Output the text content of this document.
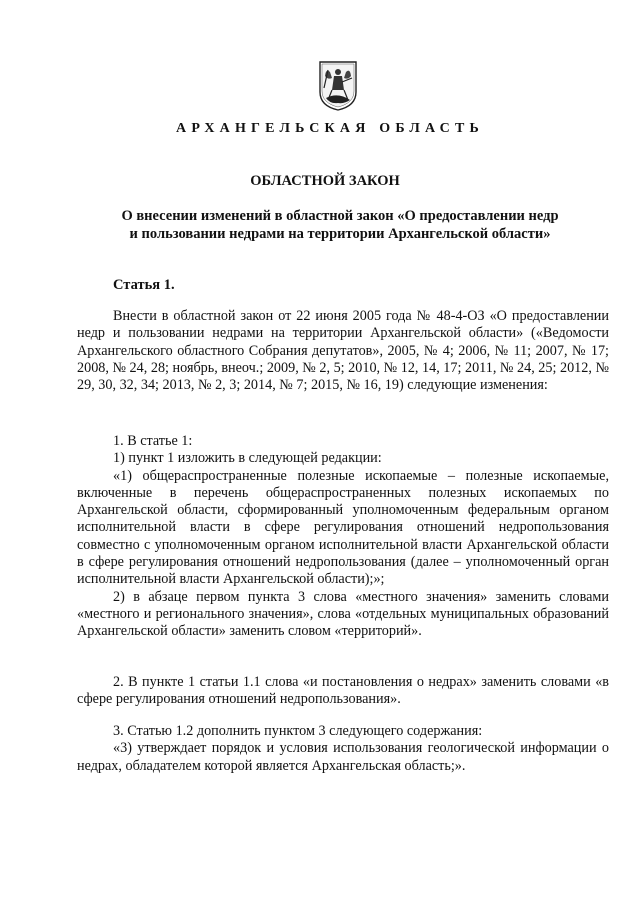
АРХАНГЕЛЬСКАЯ ОБЛАСТЬ
ОБЛАСТНОЙ ЗАКОН
О внесении изменений в областной закон «О предоставлении недр
и пользовании недрами на территории Архангельской области»
Статья 1.

Внести в областной закон от 22 июня 2005 года № 48-4-ОЗ «О предоставлении недр и пользовании недрами на территории Архангельской области» («Ведомости Архангельского областного Собрания депутатов», 2005, № 4; 2006, № 11; 2007, № 17; 2008, № 24, 28; ноябрь, внеоч.; 2009, № 2, 5; 2010, № 12, 14, 17; 2011, № 24, 25; 2012, № 29, 30, 32, 34; 2013, № 2, 3; 2014, № 7; 2015, № 16, 19) следующие изменения:

1. В статье 1:

1) пункт 1 изложить в следующей редакции:

«1) общераспространенные полезные ископаемые – полезные ископаемые, включенные в перечень общераспространенных полезных ископаемых по Архангельской области, сформированный уполномоченным федеральным органом исполнительной власти в сфере регулирования отношений недропользования совместно с уполномоченным органом исполнительной власти Архангельской области в сфере регулирования отношений недропользования (далее – уполномоченный орган исполнительной власти Архангельской области);»;

2) в абзаце первом пункта 3 слова «местного значения» заменить словами «местного и регионального значения», слова «отдельных муниципальных образований Архангельской области» заменить словом «территорий».

2. В пункте 1 статьи 1.1 слова «и постановления о недрах» заменить словами «в сфере регулирования отношений недропользования».

3. Статью 1.2 дополнить пунктом 3 следующего содержания:

«3) утверждает порядок и условия использования геологической информации о недрах, обладателем которой является Архангельская область;».
